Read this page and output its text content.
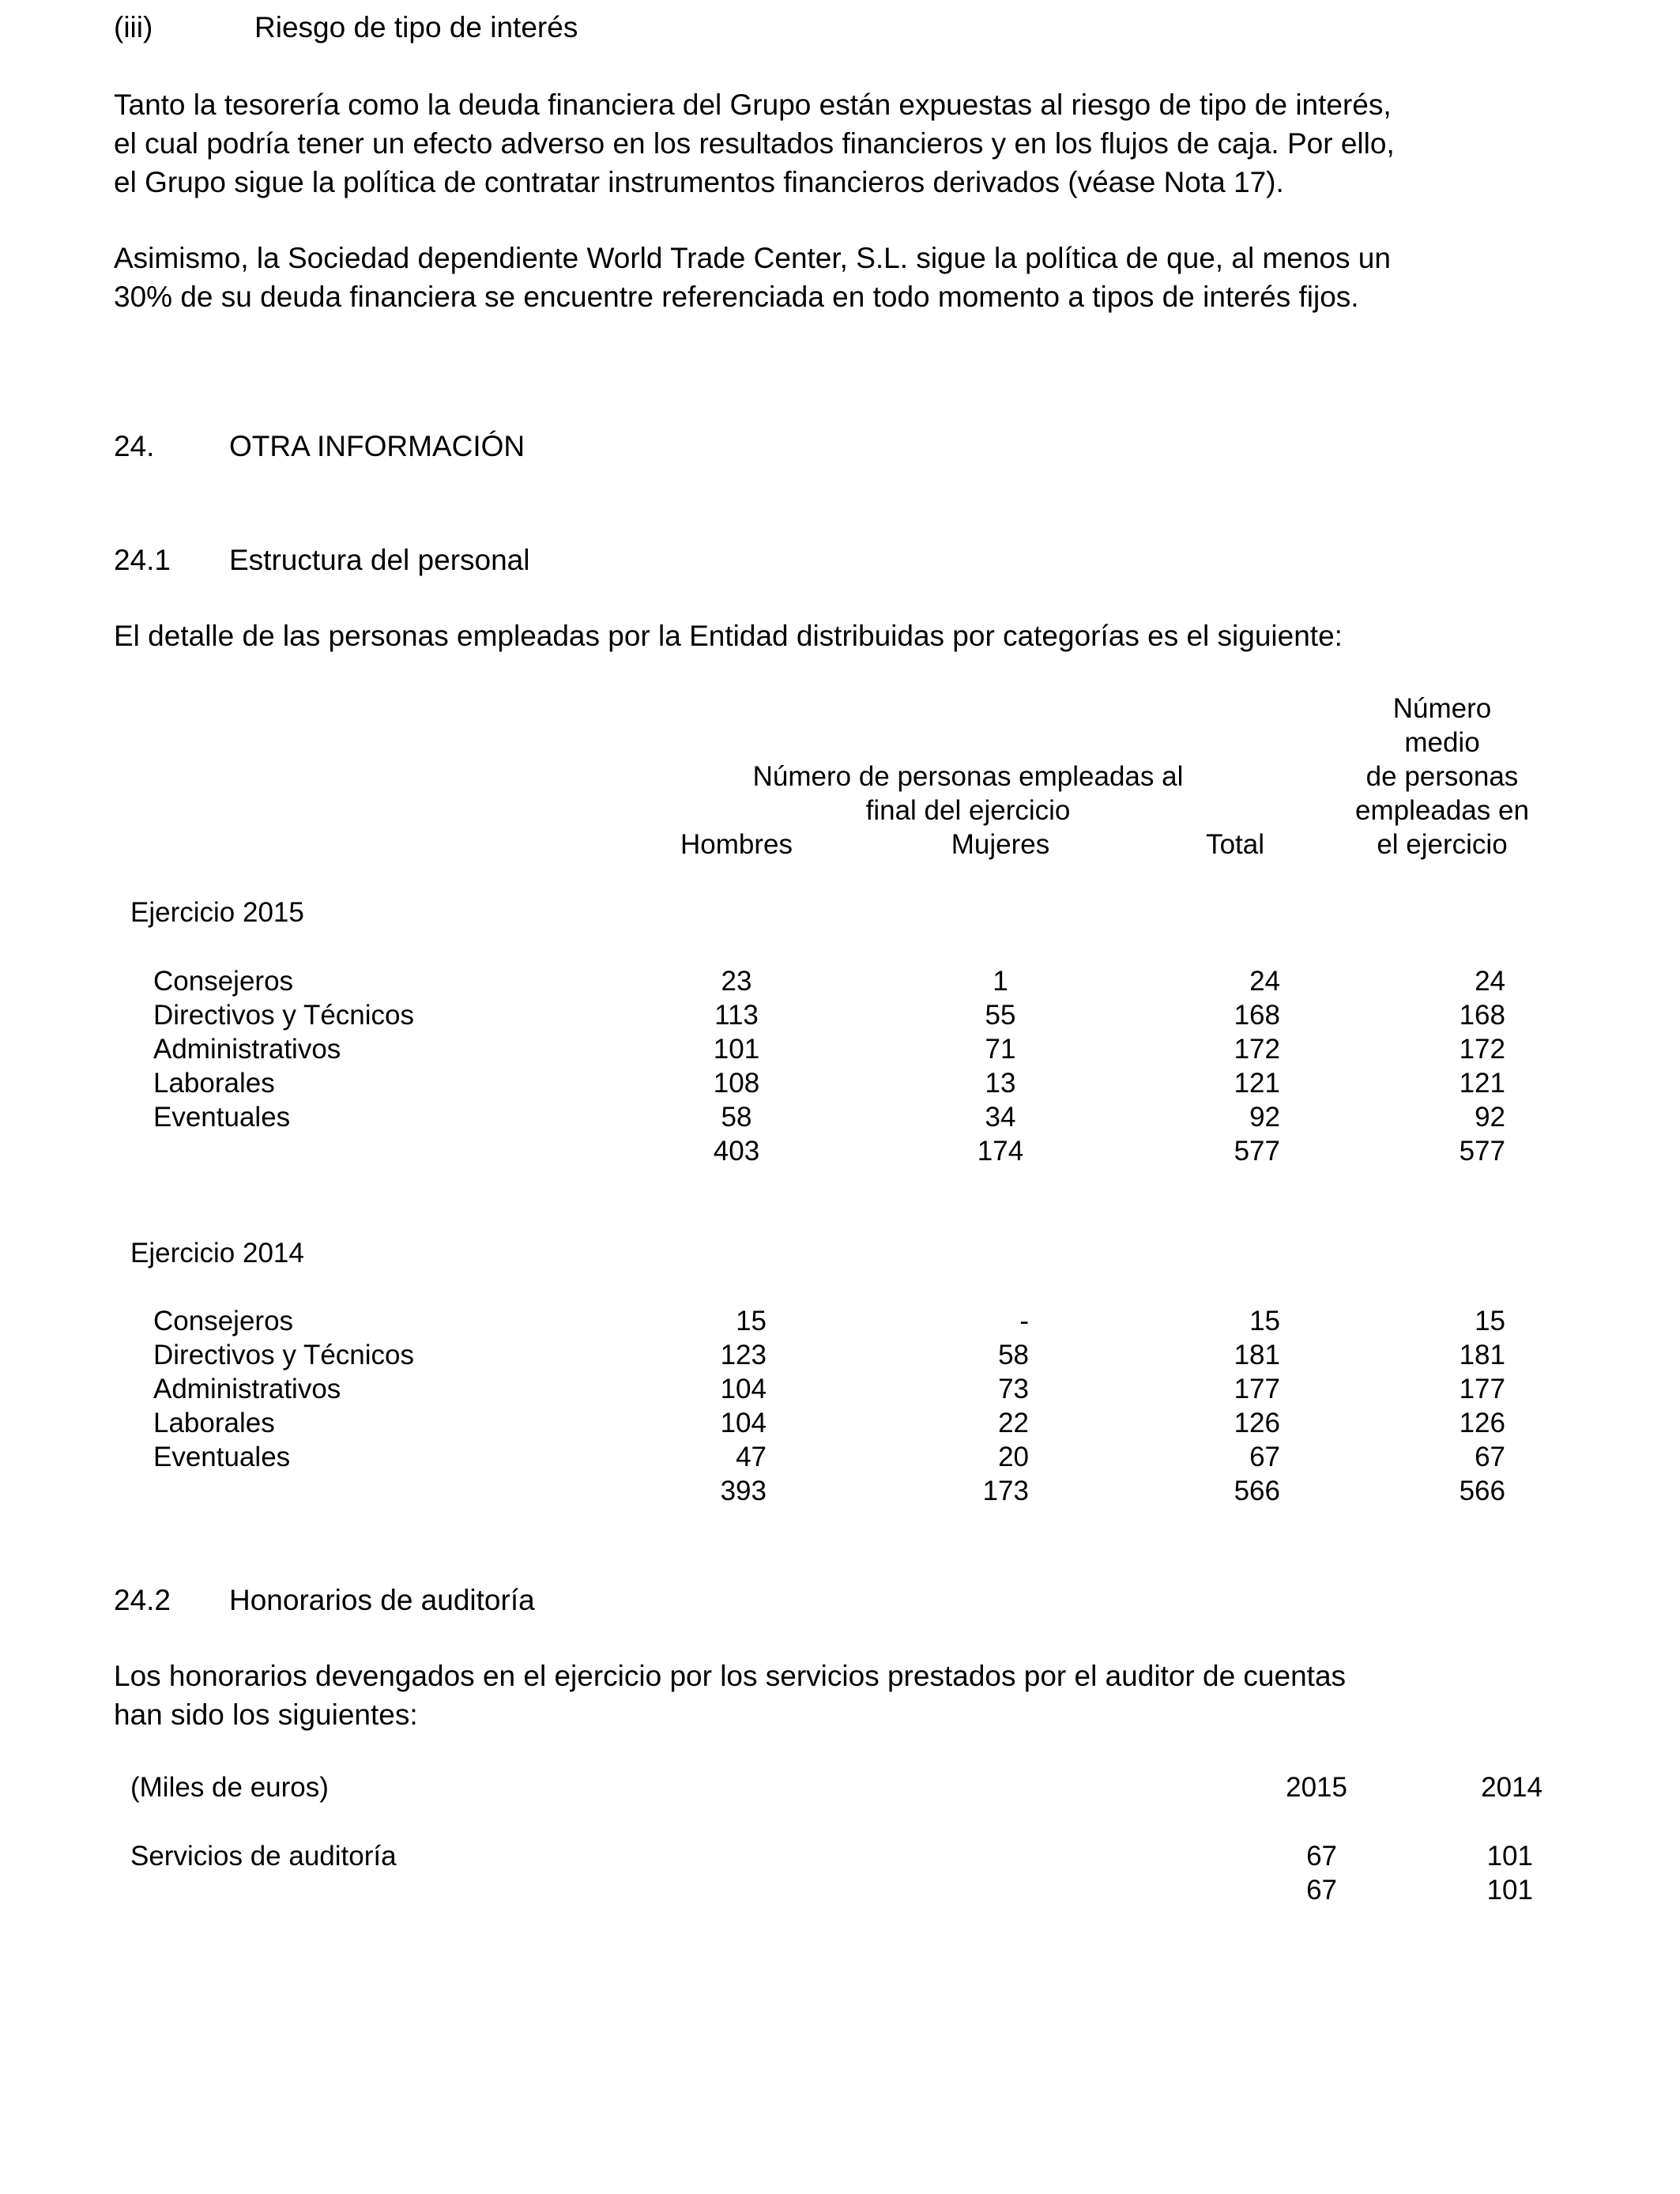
(iii)	Riesgo de tipo de interés
Tanto la tesorería como la deuda financiera del Grupo están expuestas al riesgo de tipo de interés,
el cual podría tener un efecto adverso en los resultados financieros y en los flujos de caja. Por ello,
el Grupo sigue la política de contratar instrumentos financieros derivados (véase Nota 17).
Asimismo, la Sociedad dependiente World Trade Center, S.L. sigue la política de que, al menos un
30% de su deuda financiera se encuentre referenciada en todo momento a tipos de interés fijos.
24.	OTRA INFORMACIÓN
24.1 Estructura del personal
El detalle de las personas empleadas por la Entidad distribuidas por categorías es el siguiente:
Número
medio
de personas
empleadas en
el ejercicio
Número de personas empleadas al
final del ejercicio
Hombres	Mujeres	Total
Ejercicio 2015
Consejeros	23	1	24	24
Directivos y Técnicos	113	55	168	168
Administrativos	101	71	172	172
Laborales	108	13	121	121
Eventuales	58	34	92	92
403	174	577	577
Ejercicio 2014
Consejeros	15	-	15	15
Directivos y Técnicos	123	58	181	181
Administrativos	104	73	177	177
Laborales	104	22	126	126
Eventuales	47	20	67	67
393	173	566	566
24.2 Honorarios de auditoría
Los honorarios devengados en el ejercicio por los servicios prestados por el auditor de cuentas
han sido los siguientes:
(Miles de euros)	2015	2014
Servicios de auditoría	67	101
67	101
